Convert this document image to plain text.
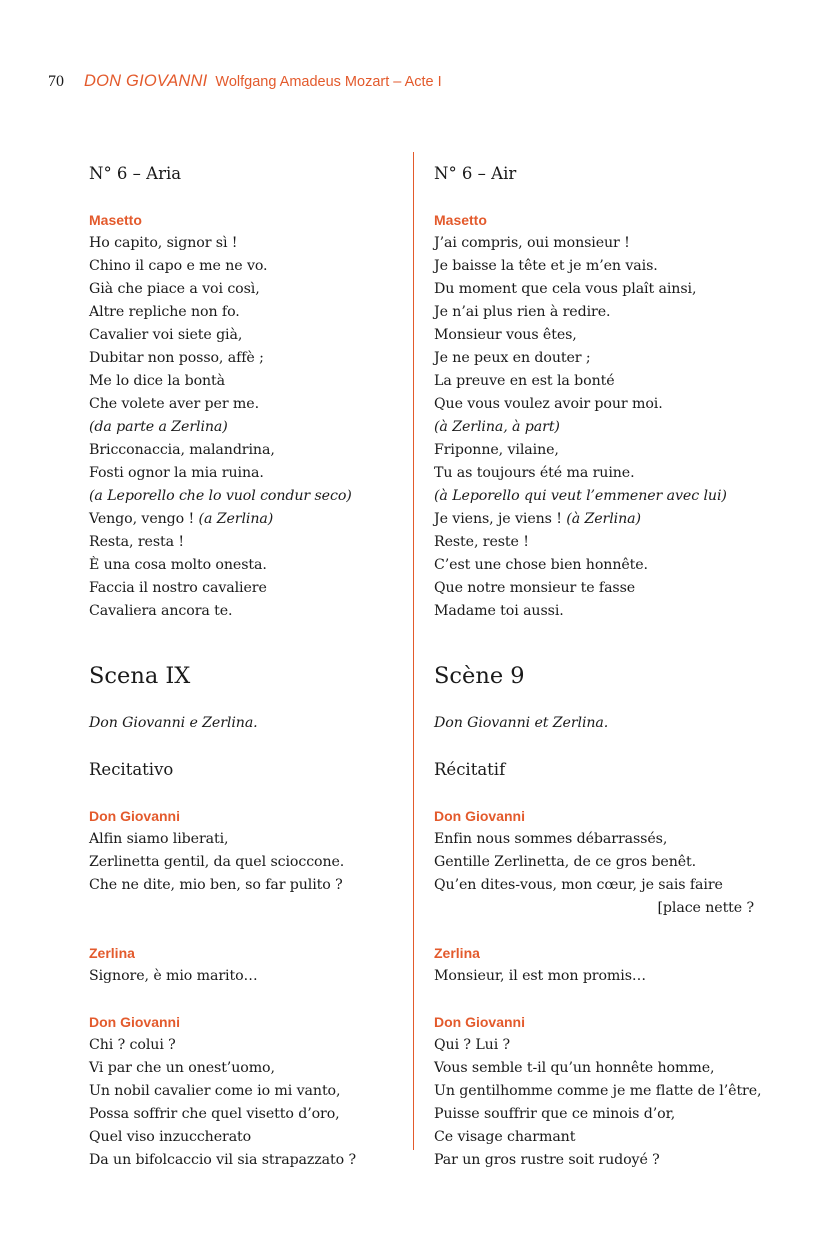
70 DON GIOVANNI Wolfgang Amadeus Mozart – Acte I
N° 6 – Aria
Masetto
Ho capito, signor sì !
Chino il capo e me ne vo.
Già che piace a voi così,
Altre repliche non fo.
Cavalier voi siete già,
Dubitar non posso, affè ;
Me lo dice la bontà
Che volete aver per me.
(da parte a Zerlina)
Bricconaccia, malandrina,
Fosti ognor la mia ruina.
(a Leporello che lo vuol condur seco)
Vengo, vengo ! (a Zerlina)
Resta, resta !
È una cosa molto onesta.
Faccia il nostro cavaliere
Cavaliera ancora te.
Scena IX
Don Giovanni e Zerlina.
Recitativo
Don Giovanni
Alfin siamo liberati,
Zerlinetta gentil, da quel scioccone.
Che ne dite, mio ben, so far pulito ?
Zerlina
Signore, è mio marito…
Don Giovanni
Chi ? colui ?
Vi par che un onest’uomo,
Un nobil cavalier come io mi vanto,
Possa soffrir che quel visetto d’oro,
Quel viso inzuccherato
Da un bifolcaccio vil sia strapazzato ?
N° 6 – Air
Masetto
J’ai compris, oui monsieur !
Je baisse la tête et je m’en vais.
Du moment que cela vous plaît ainsi,
Je n’ai plus rien à redire.
Monsieur vous êtes,
Je ne peux en douter ;
La preuve en est la bonté
Que vous voulez avoir pour moi.
(à Zerlina, à part)
Friponne, vilaine,
Tu as toujours été ma ruine.
(à Leporello qui veut l’emmener avec lui)
Je viens, je viens ! (à Zerlina)
Reste, reste !
C’est une chose bien honnête.
Que notre monsieur te fasse
Madame toi aussi.
Scène 9
Don Giovanni et Zerlina.
Récitatif
Don Giovanni
Enfin nous sommes débarrassés,
Gentille Zerlinetta, de ce gros benêt.
Qu’en dites-vous, mon cœur, je sais faire
[place nette ?
Zerlina
Monsieur, il est mon promis…
Don Giovanni
Qui ? Lui ?
Vous semble t-il qu’un honnête homme,
Un gentilhomme comme je me flatte de l’être,
Puisse souffrir que ce minois d’or,
Ce visage charmant
Par un gros rustre soit rudoyé ?
